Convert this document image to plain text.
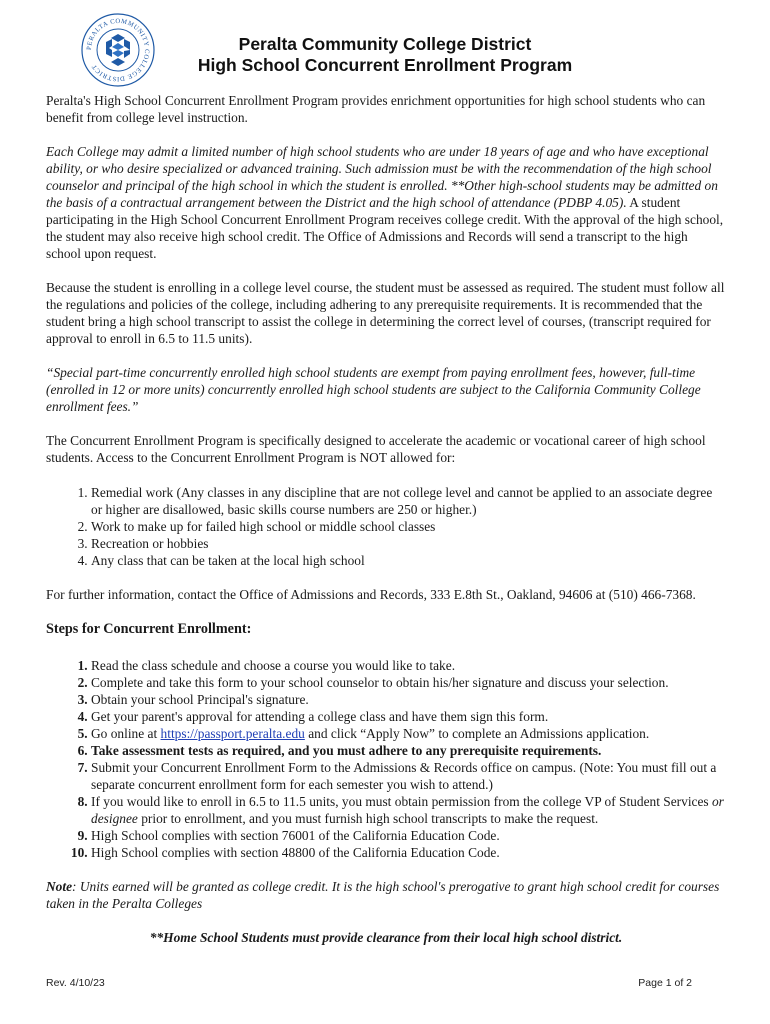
PERALTA COMMUNITY COLLEGE DISTRICT
Peralta Community College District
High School Concurrent Enrollment Program

Peralta's High School Concurrent Enrollment Program provides enrichment opportunities for high school students who can benefit from college level instruction.

Each College may admit a limited number of high school students who are under 18 years of age and who have exceptional ability, or who desire specialized or advanced training. Such admission must be with the recommendation of the high school counselor and principal of the high school in which the student is enrolled. **Other high-school students may be admitted on the basis of a contractual arrangement between the District and the high school of attendance (PDBP 4.05). A student participating in the High School Concurrent Enrollment Program receives college credit. With the approval of the high school, the student may also receive high school credit. The Office of Admissions and Records will send a transcript to the high school upon request.

Because the student is enrolling in a college level course, the student must be assessed as required. The student must follow all the regulations and policies of the college, including adhering to any prerequisite requirements. It is recommended that the student bring a high school transcript to assist the college in determining the correct level of courses, (transcript required for approval to enroll in 6.5 to 11.5 units).

“Special part-time concurrently enrolled high school students are exempt from paying enrollment fees, however, full-time (enrolled in 12 or more units) concurrently enrolled high school students are subject to the California Community College enrollment fees.”

The Concurrent Enrollment Program is specifically designed to accelerate the academic or vocational career of high school students. Access to the Concurrent Enrollment Program is NOT allowed for:

1. Remedial work (Any classes in any discipline that are not college level and cannot be applied to an associate degree or higher are disallowed, basic skills course numbers are 250 or higher.)
2. Work to make up for failed high school or middle school classes
3. Recreation or hobbies
4. Any class that can be taken at the local high school

For further information, contact the Office of Admissions and Records, 333 E.8th St., Oakland, 94606 at (510) 466-7368.

Steps for Concurrent Enrollment:
1. Read the class schedule and choose a course you would like to take.
2. Complete and take this form to your school counselor to obtain his/her signature and discuss your selection.
3. Obtain your school Principal's signature.
4. Get your parent's approval for attending a college class and have them sign this form.
5. Go online at https://passport.peralta.edu and click “Apply Now” to complete an Admissions application.
6. Take assessment tests as required, and you must adhere to any prerequisite requirements.
7. Submit your Concurrent Enrollment Form to the Admissions & Records office on campus. (Note: You must fill out a separate concurrent enrollment form for each semester you wish to attend.)
8. If you would like to enroll in 6.5 to 11.5 units, you must obtain permission from the college VP of Student Services or designee prior to enrollment, and you must furnish high school transcripts to make the request.
9. High School complies with section 76001 of the California Education Code.
10. High School complies with section 48800 of the California Education Code.

Note: Units earned will be granted as college credit. It is the high school's prerogative to grant high school credit for courses taken in the Peralta Colleges

**Home School Students must provide clearance from their local high school district.
Rev. 4/10/23	Page 1 of 2
